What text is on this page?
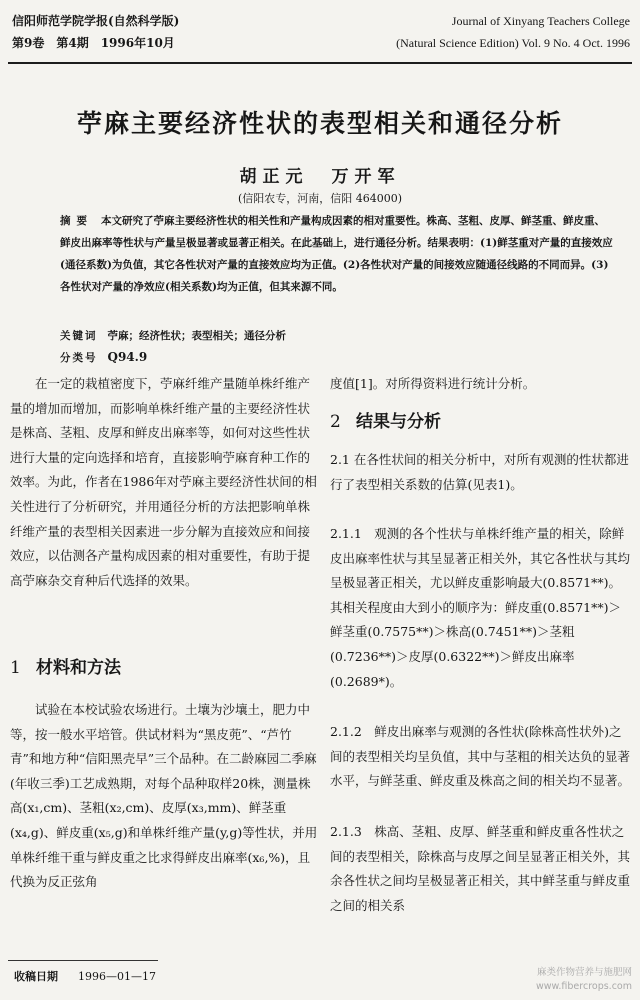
信阳师范学院学报(自然科学版)
第9卷　第4期　1996年10月
Journal of Xinyang Teachers College
(Natural Science Edition) Vol. 9 No. 4 Oct. 1996
苧麻主要经济性状的表型相关和通径分析
胡正元　万开军
(信阳农专，河南，信阳 464000)

摘要 本文研究了苧麻主要经济性状的相关性和产量构成因素的相对重要性。株高、茎粗、皮厚、鲜茎重、鲜皮重、鲜皮出麻率等性状与产量呈极显著或显著正相关。在此基础上，进行通径分析。结果表明：(1)鲜茎重对产量的直接效应(通径系数)为负值，其它各性状对产量的直接效应均为正值。(2)各性状对产量的间接效应随通径线路的不同而异。(3)各性状对产量的净效应(相关系数)均为正值，但其来源不同。

关键词 苧麻；经济性状；表型相关；通径分析

分类号 Q94.9

在一定的栽植密度下，苧麻纤维产量随单株纤维产量的增加而增加，而影响单株纤维产量的主要经济性状是株高、茎粗、皮厚和鲜皮出麻率等，如何对这些性状进行大量的定向选择和培育，直接影响苧麻育种工作的效率。为此，作者在1986年对苧麻主要经济性状间的相关性进行了分析研究，并用通径分析的方法把影响单株纤维产量的表型相关因素进一步分解为直接效应和间接效应，以估测各产量构成因素的相对重要性，有助于提高苧麻杂交育种后代选择的效果。

1 材料和方法

试验在本校试验农场进行。土壤为沙壤土，肥力中等，按一般水平培管。供试材料为“黑皮蔸”、“芦竹青”和地方种“信阳黑壳早”三个品种。在二龄麻园二季麻(年收三季)工艺成熟期，对每个品种取样20株，测量株高(x₁,cm)、茎粗(x₂,cm)、皮厚(x₃,mm)、鲜茎重(x₄,g)、鲜皮重(x₅,g)和单株纤维产量(y,g)等性状，并用单株纤维干重与鲜皮重之比求得鲜皮出麻率(x₆,%)，且代换为反正弦角

度值[1]。对所得资料进行统计分析。

2 结果与分析

2.1 在各性状间的相关分析中，对所有观测的性状都进行了表型相关系数的估算(见表1)。

2.1.1　观测的各个性状与单株纤维产量的相关，除鲜皮出麻率性状与其呈显著正相关外，其它各性状与其均呈极显著正相关，尤以鲜皮重影响最大(0.8571**)。其相关程度由大到小的顺序为：鲜皮重(0.8571**)＞鲜茎重(0.7575**)＞株高(0.7451**)＞茎粗(0.7236**)＞皮厚(0.6322**)＞鲜皮出麻率(0.2689*)。

2.1.2　鲜皮出麻率与观测的各性状(除株高性状外)之间的表型相关均呈负值，其中与茎粗的相关达负的显著水平，与鲜茎重、鲜皮重及株高之间的相关均不显著。

2.1.3　株高、茎粗、皮厚、鲜茎重和鲜皮重各性状之间的表型相关，除株高与皮厚之间呈显著正相关外，其余各性状之间均呈极显著正相关，其中鲜茎重与鲜皮重之间的相关系

收稿日期 1996—01—17	麻类作物营养与施肥网
www.fibercrops.com
